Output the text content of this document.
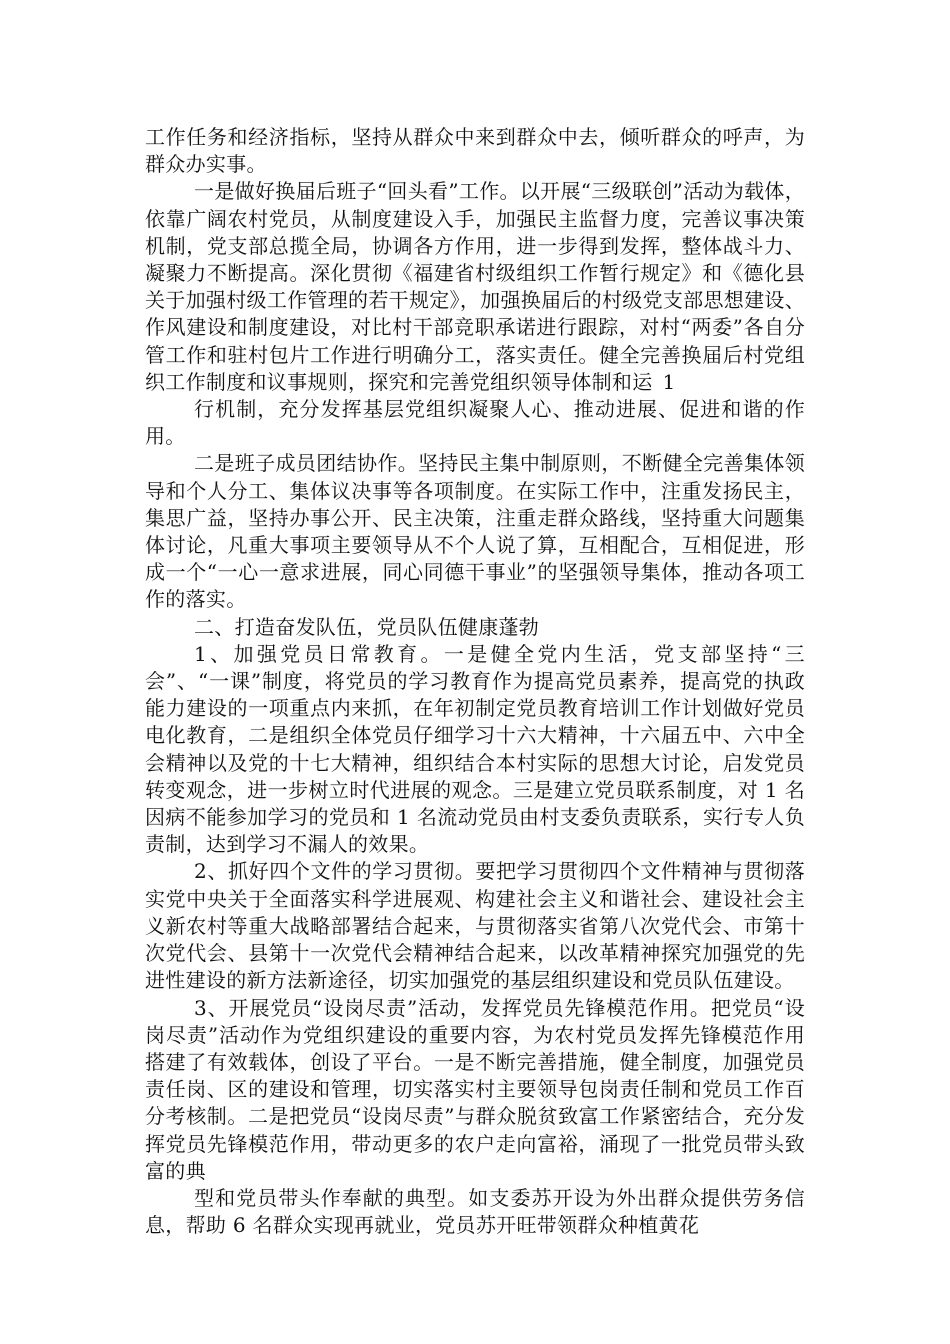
工作任务和经济指标，坚持从群众中来到群众中去，倾听群众的呼声，为群众办实事。

一是做好换届后班子“回头看”工作。以开展“三级联创”活动为载体，依靠广阔农村党员，从制度建设入手，加强民主监督力度，完善议事决策机制，党支部总揽全局，协调各方作用，进一步得到发挥，整体战斗力、凝聚力不断提高。深化贯彻《福建省村级组织工作暂行规定》和《德化县关于加强村级工作管理的若干规定》，加强换届后的村级党支部思想建设、作风建设和制度建设，对比村干部竞职承诺进行跟踪，对村“两委”各自分管工作和驻村包片工作进行明确分工，落实责任。健全完善换届后村党组织工作制度和议事规则，探究和完善党组织领导体制和运 1

行机制，充分发挥基层党组织凝聚人心、推动进展、促进和谐的作用。

二是班子成员团结协作。坚持民主集中制原则，不断健全完善集体领导和个人分工、集体议决事等各项制度。在实际工作中，注重发扬民主，集思广益，坚持办事公开、民主决策，注重走群众路线，坚持重大问题集体讨论，凡重大事项主要领导从不个人说了算，互相配合，互相促进，形成一个“一心一意求进展，同心同德干事业”的坚强领导集体，推动各项工作的落实。

二、打造奋发队伍，党员队伍健康蓬勃

1、加强党员日常教育。一是健全党内生活，党支部坚持“三会”、“一课”制度，将党员的学习教育作为提高党员素养，提高党的执政能力建设的一项重点内来抓，在年初制定党员教育培训工作计划做好党员电化教育，二是组织全体党员仔细学习十六大精神，十六届五中、六中全会精神以及党的十七大精神，组织结合本村实际的思想大讨论，启发党员转变观念，进一步树立时代进展的观念。三是建立党员联系制度，对 1 名因病不能参加学习的党员和 1 名流动党员由村支委负责联系，实行专人负责制，达到学习不漏人的效果。

2、抓好四个文件的学习贯彻。要把学习贯彻四个文件精神与贯彻落实党中央关于全面落实科学进展观、构建社会主义和谐社会、建设社会主义新农村等重大战略部署结合起来，与贯彻落实省第八次党代会、市第十次党代会、县第十一次党代会精神结合起来，以改革精神探究加强党的先进性建设的新方法新途径，切实加强党的基层组织建设和党员队伍建设。

3、开展党员“设岗尽责”活动，发挥党员先锋模范作用。把党员“设岗尽责”活动作为党组织建设的重要内容，为农村党员发挥先锋模范作用搭建了有效载体，创设了平台。一是不断完善措施，健全制度，加强党员责任岗、区的建设和管理，切实落实村主要领导包岗责任制和党员工作百分考核制。二是把党员“设岗尽责”与群众脱贫致富工作紧密结合，充分发挥党员先锋模范作用，带动更多的农户走向富裕，涌现了一批党员带头致富的典

型和党员带头作奉献的典型。如支委苏开设为外出群众提供劳务信息，帮助 6 名群众实现再就业，党员苏开旺带领群众种植黄花
